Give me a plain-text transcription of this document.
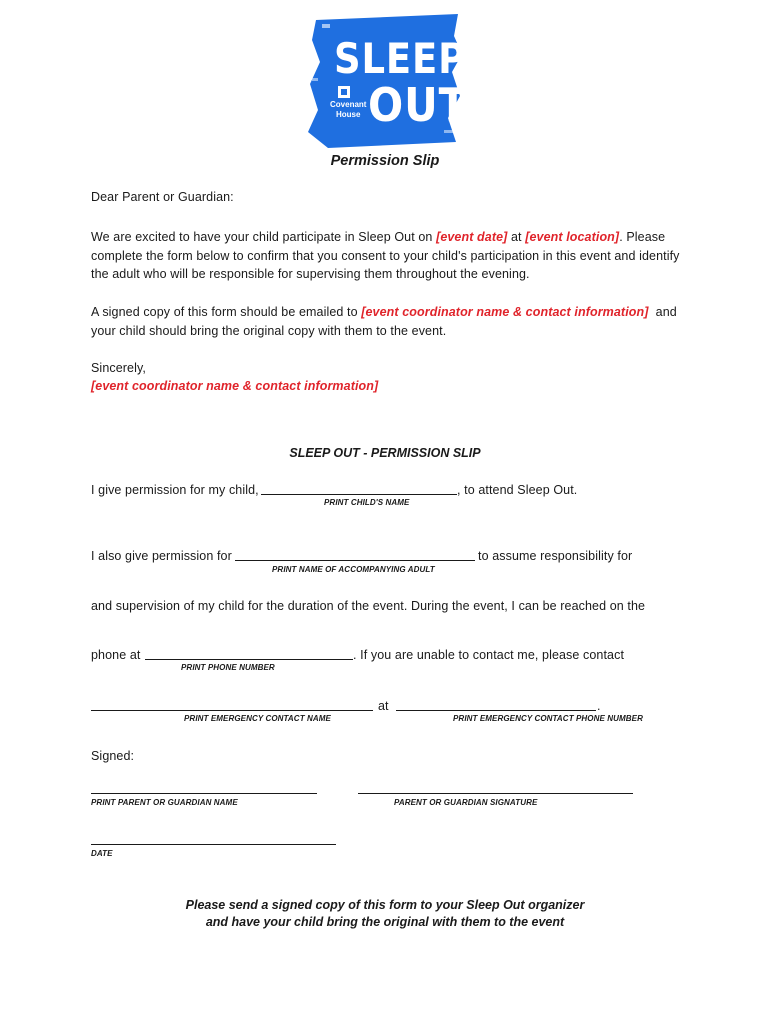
SLEEP
Covenant
House OUT
Permission Slip
Dear Parent or Guardian:
We are excited to have your child participate in Sleep Out on [event date] at [event location]. Please complete the form below to confirm that you consent to your child's participation in this event and identify the adult who will be responsible for supervising them throughout the evening.
A signed copy of this form should be emailed to [event coordinator name & contact information]  and your child should bring the original copy with them to the event.
Sincerely,
[event coordinator name & contact information]
SLEEP OUT - PERMISSION SLIP
I give permission for my child,	, to attend Sleep Out.
PRINT CHILD'S NAME
I also give permission for	to assume responsibility for
PRINT NAME OF ACCOMPANYING ADULT
and supervision of my child for the duration of the event. During the event, I can be reached on the
phone at	. If you are unable to contact me, please contact
PRINT PHONE NUMBER
at	.
PRINT EMERGENCY CONTACT NAME	PRINT EMERGENCY CONTACT PHONE NUMBER
Signed:
PRINT PARENT OR GUARDIAN NAME	PARENT OR GUARDIAN SIGNATURE
DATE
Please send a signed copy of this form to your Sleep Out organizer
and have your child bring the original with them to the event
